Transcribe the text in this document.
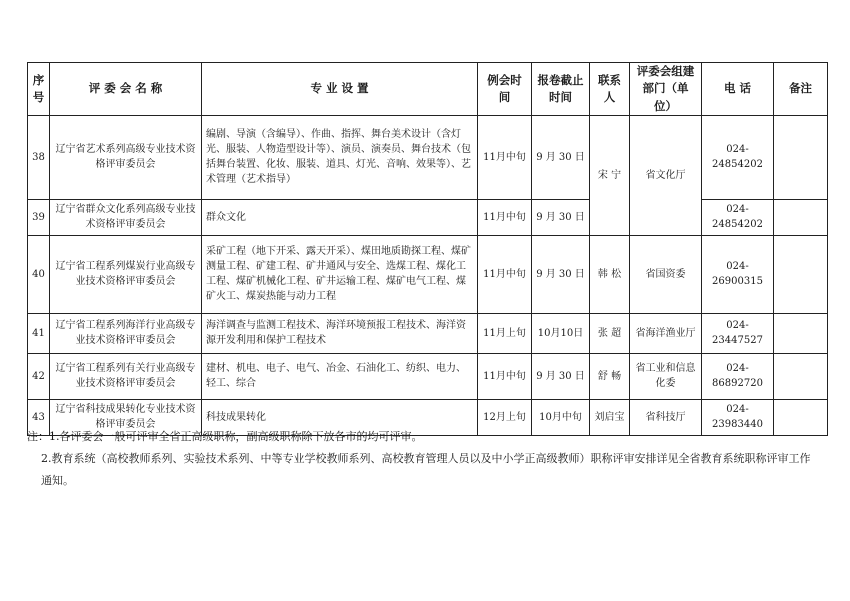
序号	评 委 会 名 称	专 业 设 置	例会时间	报卷截止时间	联系人	评委会组建部门（单位）	电 话	备注
38	辽宁省艺术系列高级专业技术资格评审委员会	编剧、导演（含编导）、作曲、指挥、舞台美术设计（含灯光、服装、人物造型设计等）、演员、演奏员、舞台技术（包括舞台装置、化妆、服装、道具、灯光、音响、效果等）、艺术管理（艺术指导）	11月中旬	9 月 30 日	宋 宁	省文化厅	024-24854202	
39	辽宁省群众文化系列高级专业技术资格评审委员会	群众文化	11月中旬	9 月 30 日			024-24854202	
40	辽宁省工程系列煤炭行业高级专业技术资格评审委员会	采矿工程（地下开采、露天开采）、煤田地质勘探工程、煤矿测量工程、矿建工程、矿井通风与安全、选煤工程、煤化工工程、煤矿机械化工程、矿井运输工程、煤矿电气工程、煤矿火工、煤炭热能与动力工程	11月中旬	9 月 30 日	韩 松	省国资委	024-26900315	
41	辽宁省工程系列海洋行业高级专业技术资格评审委员会	海洋调查与监测工程技术、海洋环境预报工程技术、海洋资源开发利用和保护工程技术	11月上旬	10月10日	张 超	省海洋渔业厅	024-23447527	
42	辽宁省工程系列有关行业高级专业技术资格评审委员会	建材、机电、电子、电气、冶金、石油化工、纺织、电力、轻工、综合	11月中旬	9 月 30 日	舒 畅	省工业和信息化委	024-86892720	
43	辽宁省科技成果转化专业技术资格评审委员会	科技成果转化	12月上旬	10月中旬	刘启宝	省科技厅	024-23983440	

注：1.各评委会一般可评审全省正高级职称，副高级职称除下放各市的均可评审。

2.教育系统（高校教师系列、实验技术系列、中等专业学校教师系列、高校教育管理人员以及中小学正高级教师）职称评审安排详见全省教育系统职称评审工作通知。
